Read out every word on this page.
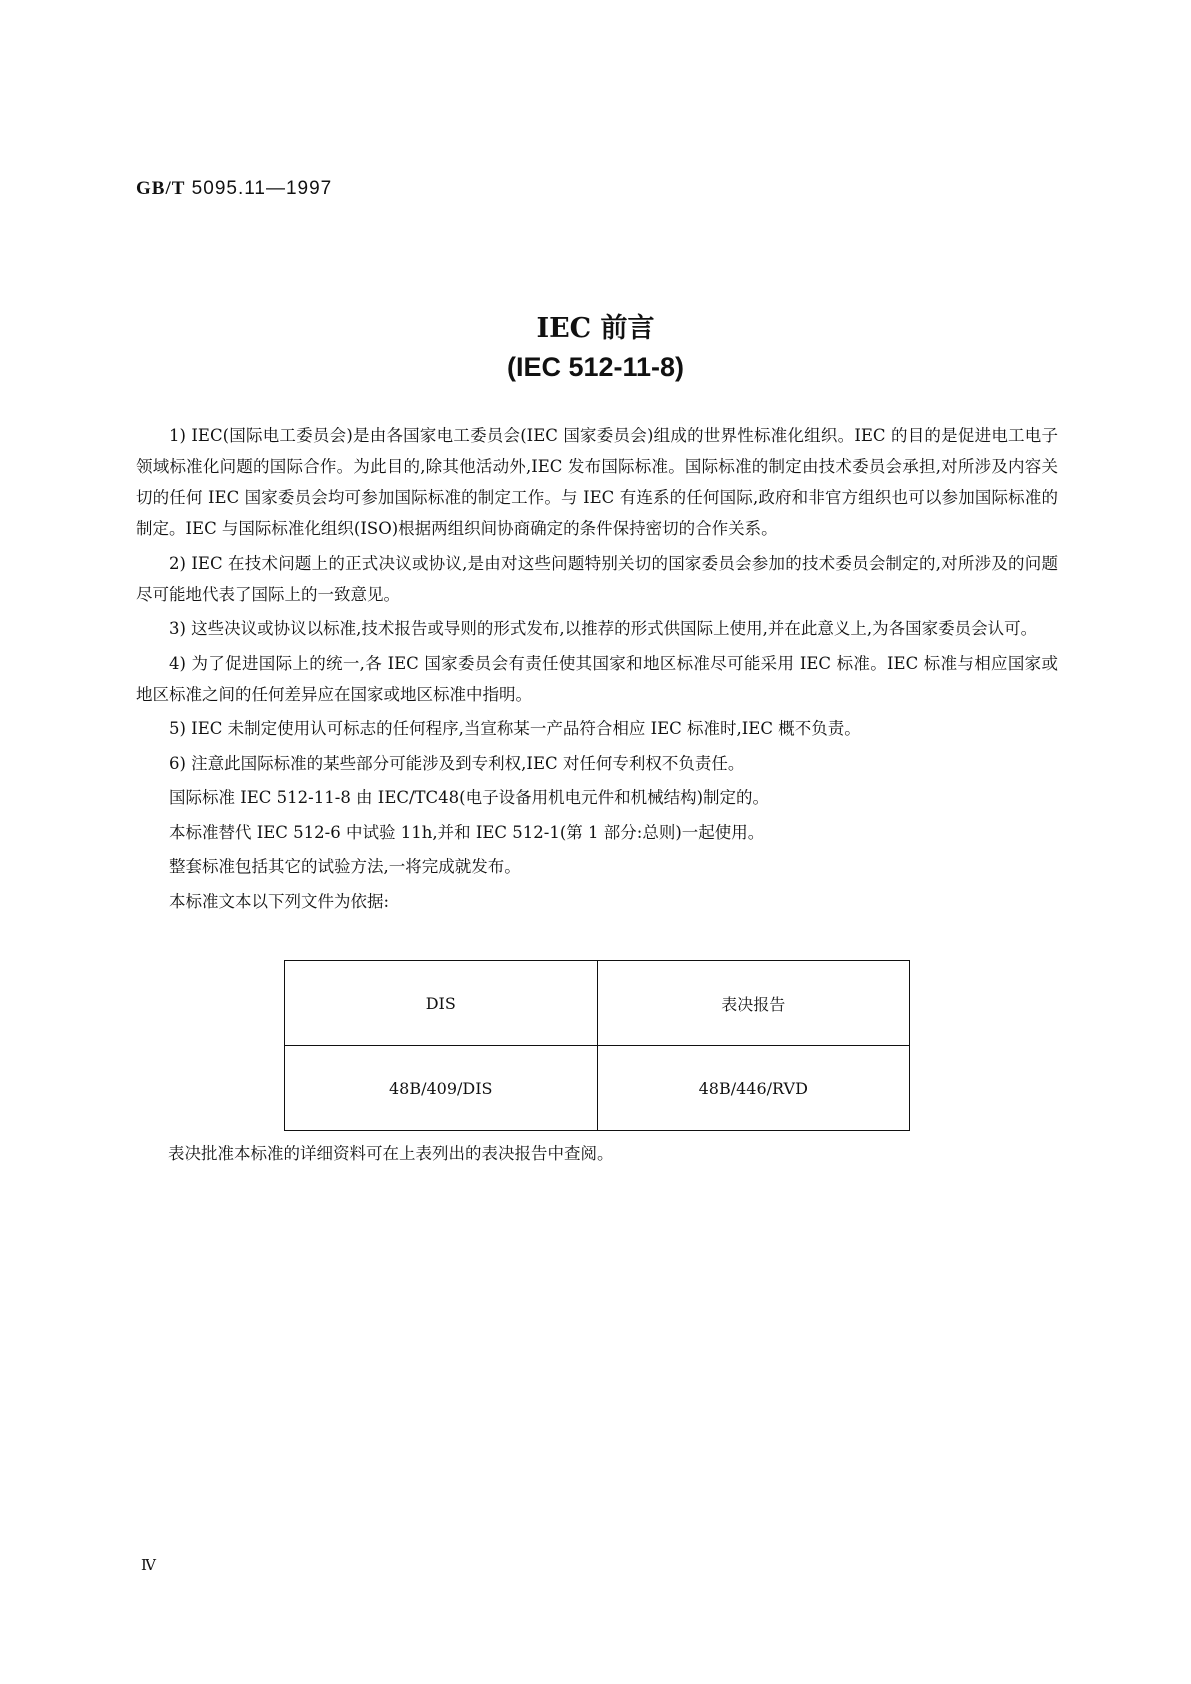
GB/T 5095.11—1997
IEC 前言
(IEC 512-11-8)

1) IEC(国际电工委员会)是由各国家电工委员会(IEC 国家委员会)组成的世界性标准化组织。IEC 的目的是促进电工电子领域标准化问题的国际合作。为此目的,除其他活动外,IEC 发布国际标准。国际标准的制定由技术委员会承担,对所涉及内容关切的任何 IEC 国家委员会均可参加国际标准的制定工作。与 IEC 有连系的任何国际,政府和非官方组织也可以参加国际标准的制定。IEC 与国际标准化组织(ISO)根据两组织间协商确定的条件保持密切的合作关系。

2) IEC 在技术问题上的正式决议或协议,是由对这些问题特别关切的国家委员会参加的技术委员会制定的,对所涉及的问题尽可能地代表了国际上的一致意见。

3) 这些决议或协议以标准,技术报告或导则的形式发布,以推荐的形式供国际上使用,并在此意义上,为各国家委员会认可。

4) 为了促进国际上的统一,各 IEC 国家委员会有责任使其国家和地区标准尽可能采用 IEC 标准。IEC 标准与相应国家或地区标准之间的任何差异应在国家或地区标准中指明。

5) IEC 未制定使用认可标志的任何程序,当宣称某一产品符合相应 IEC 标准时,IEC 概不负责。

6) 注意此国际标准的某些部分可能涉及到专利权,IEC 对任何专利权不负责任。

国际标准 IEC 512-11-8 由 IEC/TC48(电子设备用机电元件和机械结构)制定的。

本标准替代 IEC 512-6 中试验 11h,并和 IEC 512-1(第 1 部分:总则)一起使用。

整套标准包括其它的试验方法,一将完成就发布。

本标准文本以下列文件为依据:

DIS	表决报告
48B/409/DIS	48B/446/RVD
表决批准本标准的详细资料可在上表列出的表决报告中查阅。
Ⅳ
